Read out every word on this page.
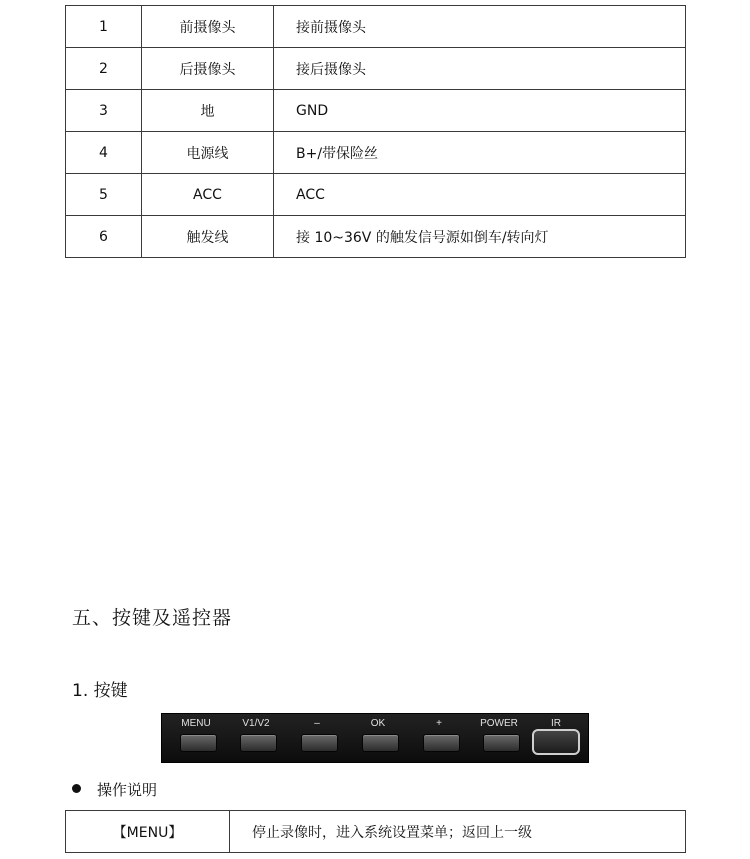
1	前摄像头	接前摄像头
2	后摄像头	接后摄像头
3	地	GND
4	电源线	B+/带保险丝
5	ACC	ACC
6	触发线	接 10~36V 的触发信号源如倒车/转向灯
五、按键及遥控器
1. 按键
MENU	V1/V2	–	OK	+	POWER	IR
操作说明
【MENU】	停止录像时，进入系统设置菜单；返回上一级
